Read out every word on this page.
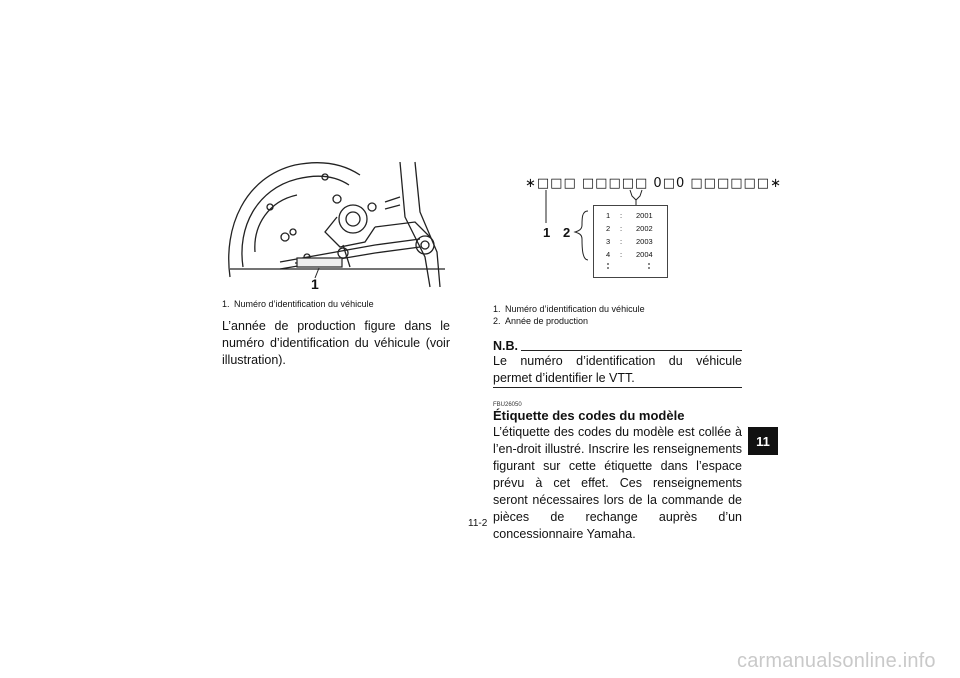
1
1. Numéro d’identification du véhicule
L’année de production figure dans le numéro d’identification du véhicule (voir illustration).
∗□□□ □□□□□ 0□0 □□□□□□∗
1 2
1 : 2001
2 : 2002
3 : 2003
4 : 2004
1. Numéro d’identification du véhicule
2. Année de production
N.B.
Le numéro d’identification du véhicule permet d’identifier le VTT.
FBU26050
Étiquette des codes du modèle
L’étiquette des codes du modèle est collée à l’en-droit illustré. Inscrire les renseignements figurant sur cette étiquette dans l’espace prévu à cet effet. Ces renseignements seront nécessaires lors de la commande de pièces de rechange auprès d’un concessionnaire Yamaha.
11
11-2
carmanualsonline.info
